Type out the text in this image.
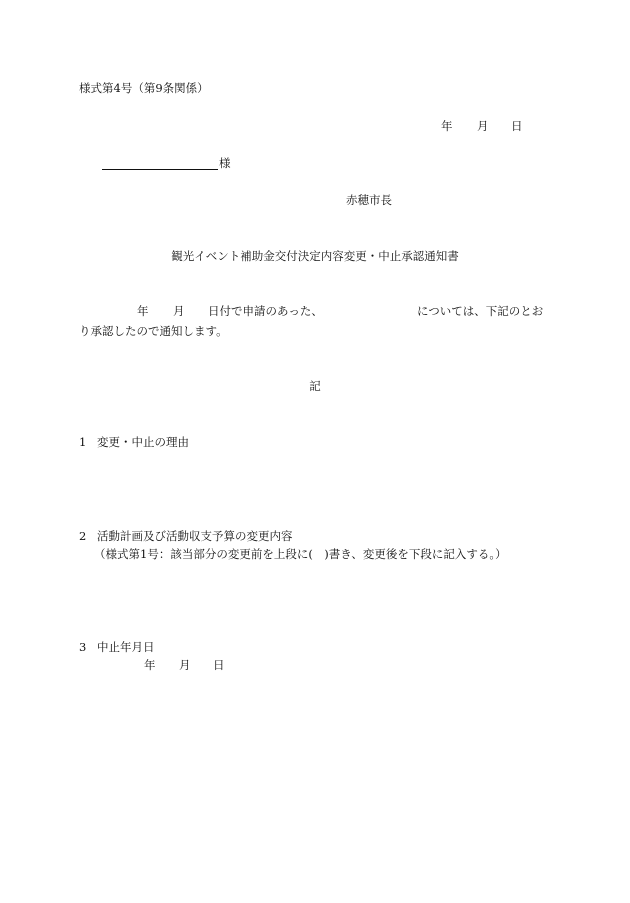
様式第4号（第9条関係）
年 月 日
様
赤穂市長
観光イベント補助金交付決定内容変更・中止承認通知書
年 月 日付で申請のあった、	については、下記のとお
り承認したので通知します。
記
1 変更・中止の理由
2 活動計画及び活動収支予算の変更内容
（様式第1号：該当部分の変更前を上段に(　)書き、変更後を下段に記入する。）
3 中止年月日
年 月 日
